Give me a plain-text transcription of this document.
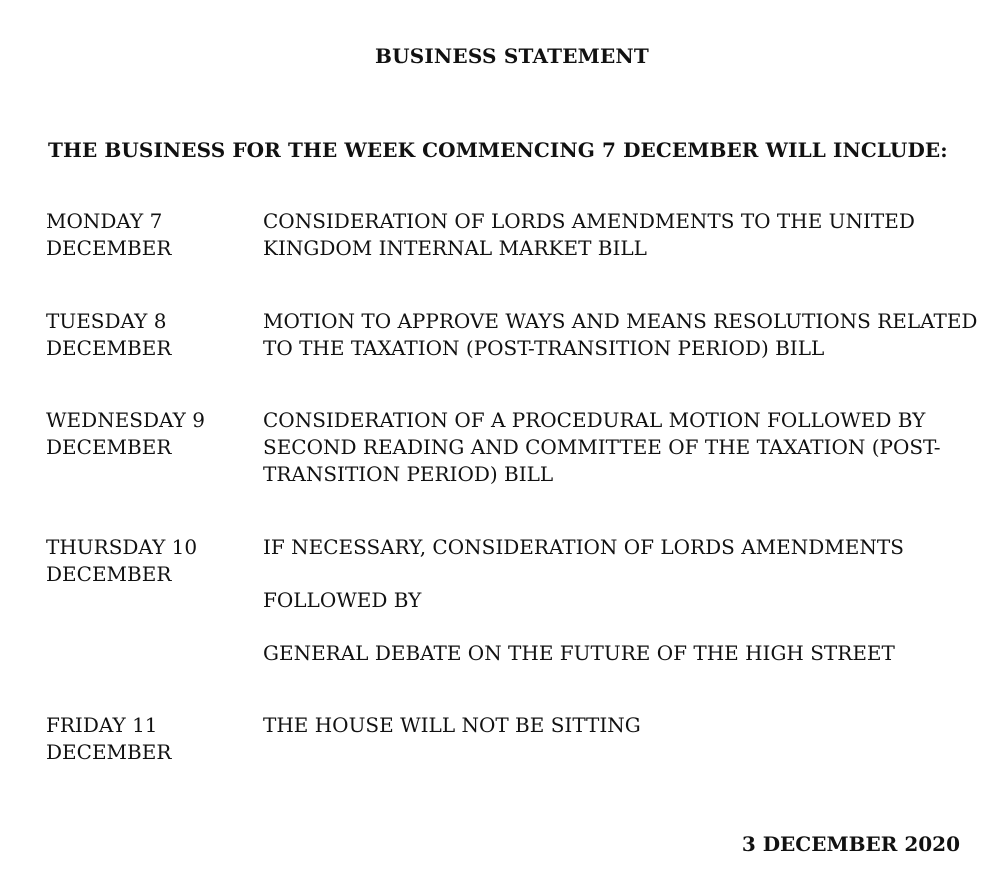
BUSINESS STATEMENT
THE BUSINESS FOR THE WEEK COMMENCING 7 DECEMBER WILL INCLUDE:
MONDAY 7
DECEMBER

CONSIDERATION OF LORDS AMENDMENTS TO THE UNITED KINGDOM INTERNAL MARKET BILL

TUESDAY 8
DECEMBER

MOTION TO APPROVE WAYS AND MEANS RESOLUTIONS RELATED TO THE TAXATION (POST-TRANSITION PERIOD) BILL

WEDNESDAY 9
DECEMBER

CONSIDERATION OF A PROCEDURAL MOTION FOLLOWED BY SECOND READING AND COMMITTEE OF THE TAXATION (POST-TRANSITION PERIOD) BILL

THURSDAY 10
DECEMBER

IF NECESSARY, CONSIDERATION OF LORDS AMENDMENTS

FOLLOWED BY

GENERAL DEBATE ON THE FUTURE OF THE HIGH STREET

FRIDAY 11
DECEMBER

THE HOUSE WILL NOT BE SITTING

3 DECEMBER 2020
